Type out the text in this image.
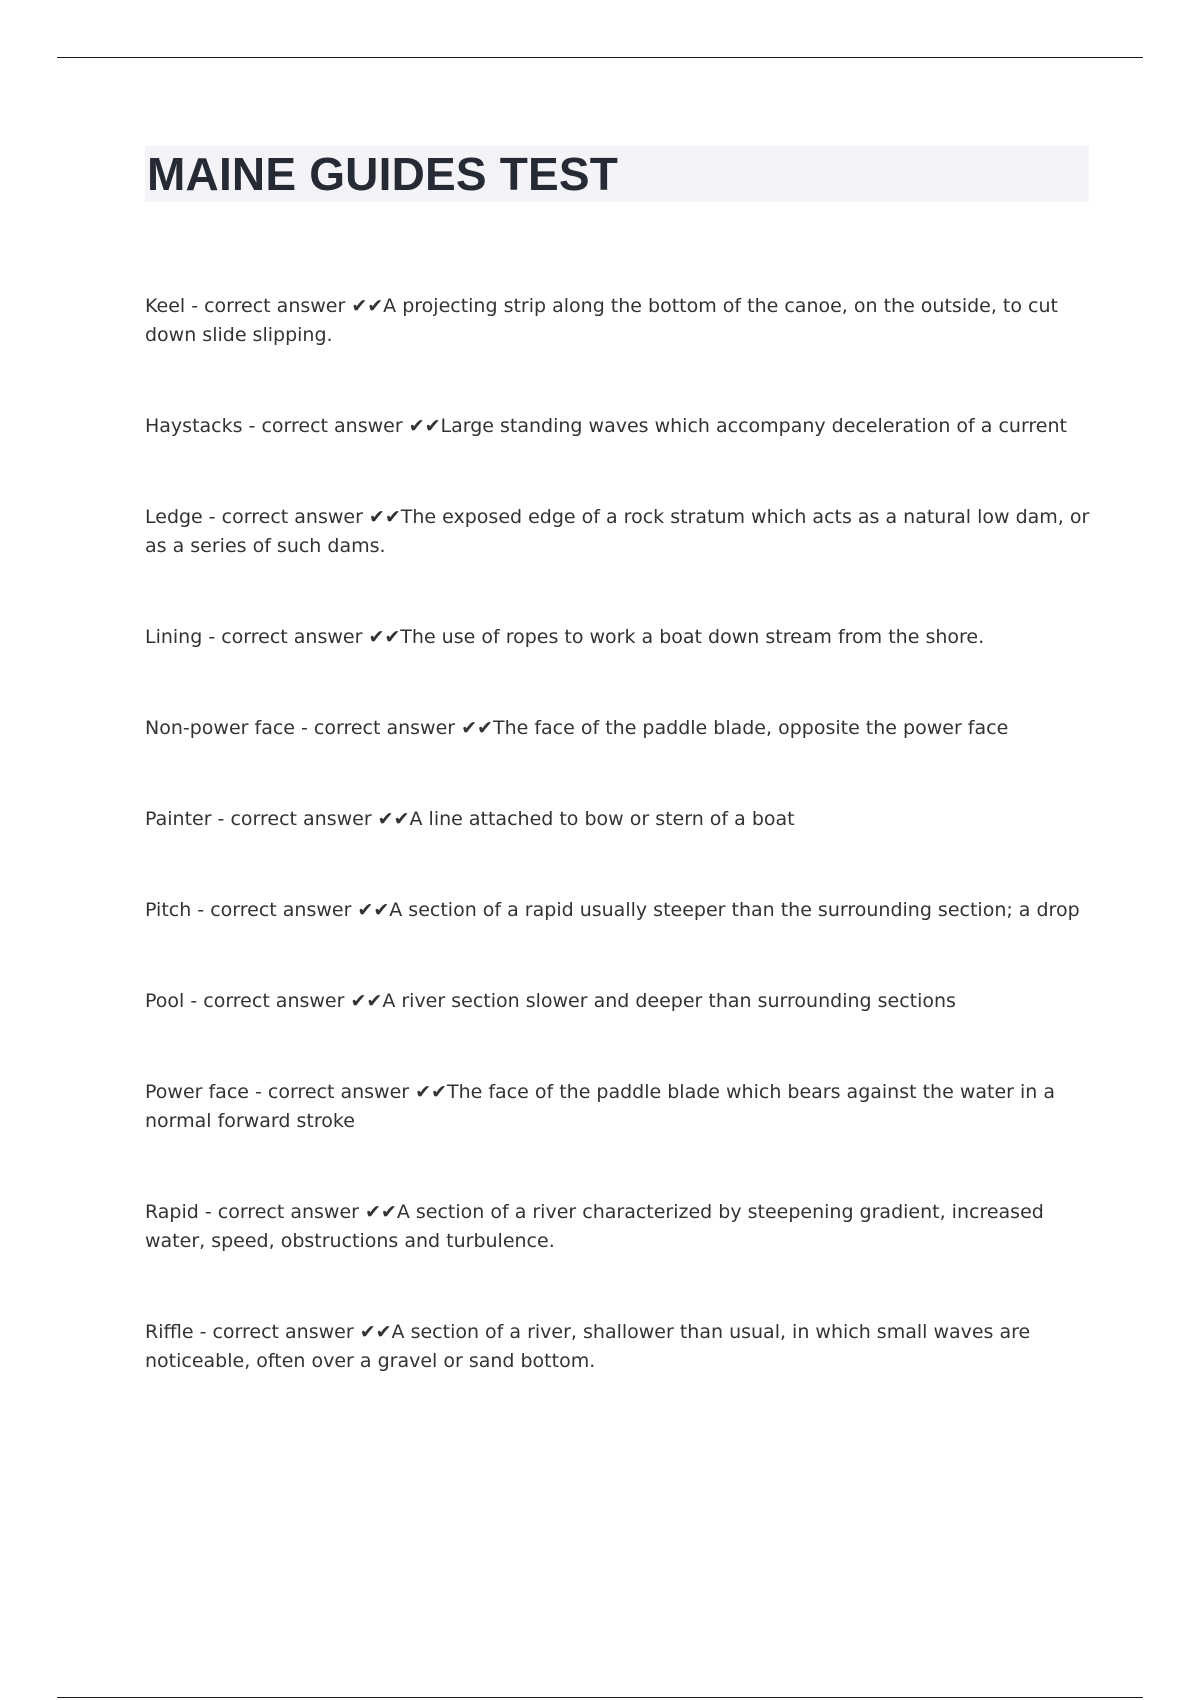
MAINE GUIDES TEST

Keel - correct answer ✔✔A projecting strip along the bottom of the canoe, on the outside, to cut down slide slipping.

Haystacks - correct answer ✔✔Large standing waves which accompany deceleration of a current

Ledge - correct answer ✔✔The exposed edge of a rock stratum which acts as a natural low dam, or as a series of such dams.

Lining - correct answer ✔✔The use of ropes to work a boat down stream from the shore.

Non-power face - correct answer ✔✔The face of the paddle blade, opposite the power face

Painter - correct answer ✔✔A line attached to bow or stern of a boat

Pitch - correct answer ✔✔A section of a rapid usually steeper than the surrounding section; a drop

Pool - correct answer ✔✔A river section slower and deeper than surrounding sections

Power face - correct answer ✔✔The face of the paddle blade which bears against the water in a normal forward stroke

Rapid - correct answer ✔✔A section of a river characterized by steepening gradient, increased water, speed, obstructions and turbulence.

Riffle - correct answer ✔✔A section of a river, shallower than usual, in which small waves are noticeable, often over a gravel or sand bottom.
